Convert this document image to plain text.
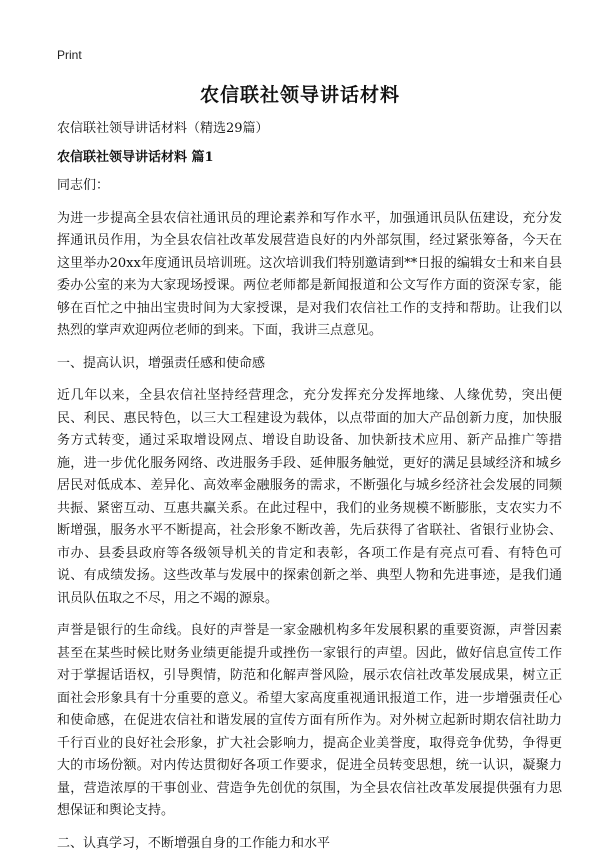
Print
农信联社领导讲话材料

农信联社领导讲话材料（精选29篇）

农信联社领导讲话材料 篇1

同志们：

为进一步提高全县农信社通讯员的理论素养和写作水平，加强通讯员队伍建设，充分发挥通讯员作用，为全县农信社改革发展营造良好的内外部氛围，经过紧张筹备，今天在这里举办20xx年度通讯员培训班。这次培训我们特别邀请到**日报的编辑女士和来自县委办公室的来为大家现场授课。两位老师都是新闻报道和公文写作方面的资深专家，能够在百忙之中抽出宝贵时间为大家授课，是对我们农信社工作的支持和帮助。让我们以热烈的掌声欢迎两位老师的到来。下面，我讲三点意见。

一、提高认识，增强责任感和使命感

近几年以来，全县农信社坚持经营理念，充分发挥充分发挥地缘、人缘优势，突出便民、利民、惠民特色，以三大工程建设为载体，以点带面的加大产品创新力度，加快服务方式转变，通过采取增设网点、增设自助设备、加快新技术应用、新产品推广等措施，进一步优化服务网络、改进服务手段、延伸服务触觉，更好的满足县域经济和城乡居民对低成本、差异化、高效率金融服务的需求，不断强化与城乡经济社会发展的同频共振、紧密互动、互惠共赢关系。在此过程中，我们的业务规模不断膨胀，支农实力不断增强，服务水平不断提高，社会形象不断改善，先后获得了省联社、省银行业协会、市办、县委县政府等各级领导机关的肯定和表彰，各项工作是有亮点可看、有特色可说、有成绩发扬。这些改革与发展中的探索创新之举、典型人物和先进事迹，是我们通讯员队伍取之不尽，用之不竭的源泉。

声誉是银行的生命线。良好的声誉是一家金融机构多年发展积累的重要资源，声誉因素甚至在某些时候比财务业绩更能提升或挫伤一家银行的声望。因此，做好信息宣传工作对于掌握话语权，引导舆情，防范和化解声誉风险，展示农信社改革发展成果，树立正面社会形象具有十分重要的意义。希望大家高度重视通讯报道工作，进一步增强责任心和使命感，在促进农信社和谐发展的宣传方面有所作为。对外树立起新时期农信社助力千行百业的良好社会形象，扩大社会影响力，提高企业美誉度，取得竞争优势，争得更大的市场份额。对内传达贯彻好各项工作要求，促进全员转变思想，统一认识，凝聚力量，营造浓厚的干事创业、营造争先创优的氛围，为全县农信社改革发展提供强有力思想保证和舆论支持。

二、认真学习，不断增强自身的工作能力和水平
